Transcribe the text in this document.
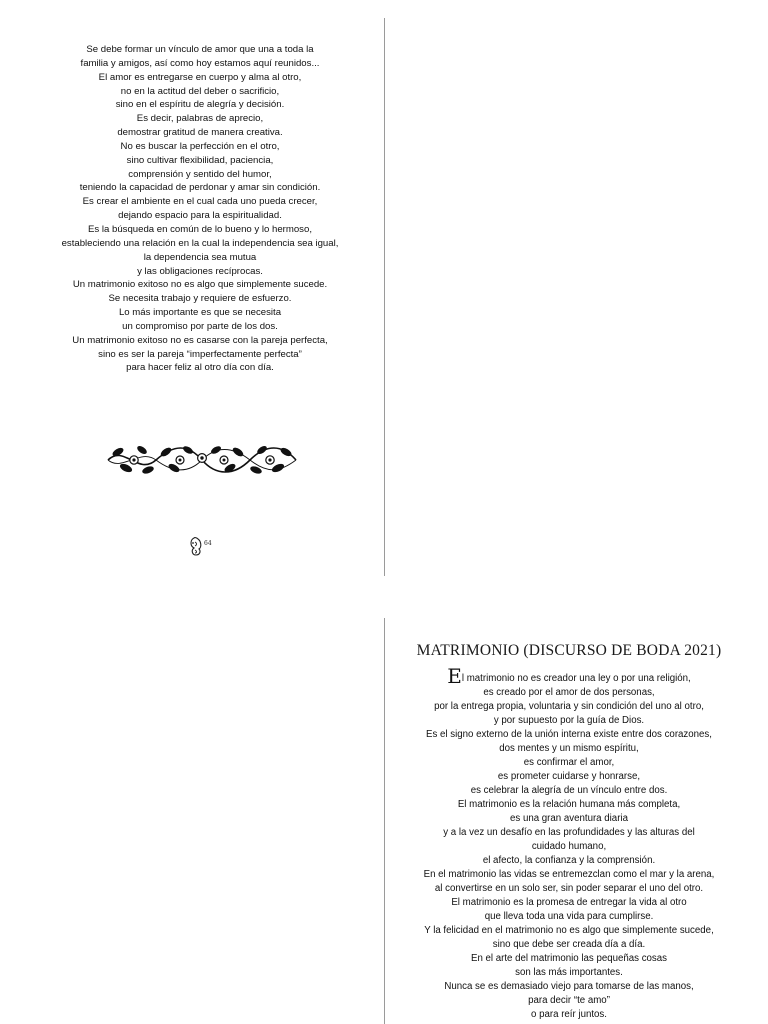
Se debe formar un vínculo de amor que una a toda la
familia y amigos, así como hoy estamos aquí reunidos...
El amor es entregarse en cuerpo y alma al otro,
no en la actitud del deber o sacrificio,
sino en el espíritu de alegría y decisión.
Es decir, palabras de aprecio,
demostrar gratitud de manera creativa.
No es buscar la perfección en el otro,
sino cultivar flexibilidad, paciencia,
comprensión y sentido del humor,
teniendo la capacidad de perdonar y amar sin condición.
Es crear el ambiente en el cual cada uno pueda crecer,
dejando espacio para la espiritualidad.
Es la búsqueda en común de lo bueno y lo hermoso,
estableciendo una relación en la cual la independencia sea igual,
la dependencia sea mutua
y las obligaciones recíprocas.
Un matrimonio exitoso no es algo que simplemente sucede.
Se necesita trabajo y requiere de esfuerzo.
Lo más importante es que se necesita
un compromiso por parte de los dos.
Un matrimonio exitoso no es casarse con la pareja perfecta,
sino es ser la pareja “imperfectamente perfecta”
para hacer feliz al otro día con día.
64
MATRIMONIO (DISCURSO DE BODA 2021)
El matrimonio no es creador una ley o por una religión,
es creado por el amor de dos personas,
por la entrega propia, voluntaria y sin condición del uno al otro,
y por supuesto por la guía de Dios.
Es el signo externo de la unión interna existe entre dos corazones,
dos mentes y un mismo espíritu,
es confirmar el amor,
es prometer cuidarse y honrarse,
es celebrar la alegría de un vínculo entre dos.
El matrimonio es la relación humana más completa,
es una gran aventura diaria
y a la vez un desafío en las profundidades y las alturas del
cuidado humano,
el afecto, la confianza y la comprensión.
En el matrimonio las vidas se entremezclan como el mar y la arena,
al convertirse en un solo ser, sin poder separar el uno del otro.
El matrimonio es la promesa de entregar la vida al otro
que lleva toda una vida para cumplirse.
Y la felicidad en el matrimonio no es algo que simplemente sucede,
sino que debe ser creada día a día.
En el arte del matrimonio las pequeñas cosas
son las más importantes.
Nunca se es demasiado viejo para tomarse de las manos,
para decir “te amo”
o para reír juntos.
